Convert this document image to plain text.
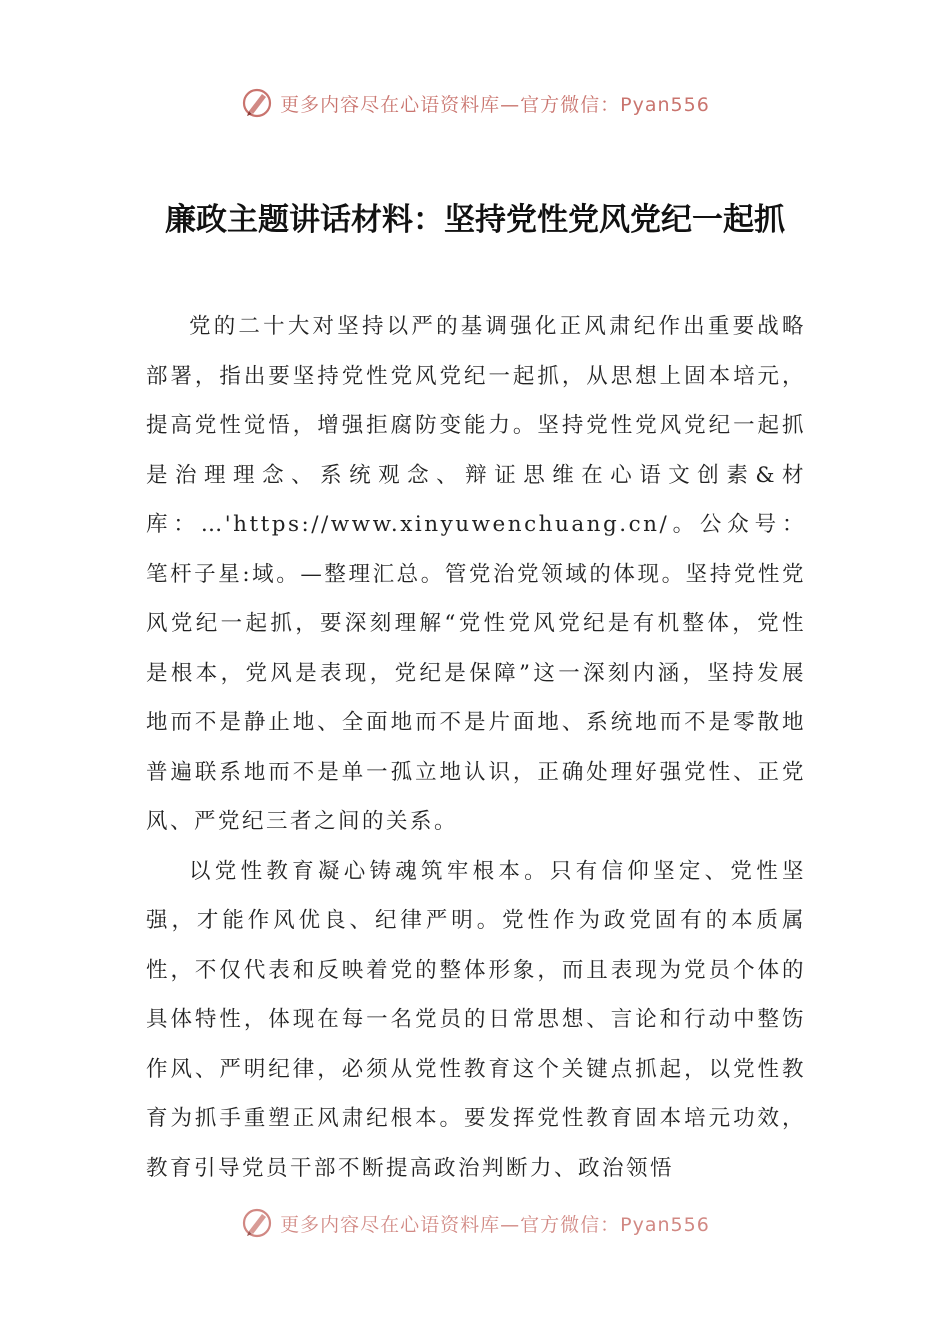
更多内容尽在心语资料库—官方微信：Pyan556
廉政主题讲话材料：坚持党性党风党纪一起抓

党的二十大对坚持以严的基调强化正风肃纪作出重要战略部署，指出要坚持党性党风党纪一起抓，从思想上固本培元，提高党性觉悟，增强拒腐防变能力。坚持党性党风党纪一起抓是治理理念、系统观念、辩证思维在心语文创素&材库：…'https://www.xinyuwenchuang.cn/。公众号：笔杆子星:域。—整理汇总。管党治党领域的体现。坚持党性党风党纪一起抓，要深刻理解“党性党风党纪是有机整体，党性是根本，党风是表现，党纪是保障”这一深刻内涵，坚持发展地而不是静止地、全面地而不是片面地、系统地而不是零散地普遍联系地而不是单一孤立地认识，正确处理好强党性、正党风、严党纪三者之间的关系。

以党性教育凝心铸魂筑牢根本。只有信仰坚定、党性坚强，才能作风优良、纪律严明。党性作为政党固有的本质属性，不仅代表和反映着党的整体形象，而且表现为党员个体的具体特性，体现在每一名党员的日常思想、言论和行动中整饬作风、严明纪律，必须从党性教育这个关键点抓起，以党性教育为抓手重塑正风肃纪根本。要发挥党性教育固本培元功效，教育引导党员干部不断提高政治判断力、政治领悟

更多内容尽在心语资料库—官方微信：Pyan556
